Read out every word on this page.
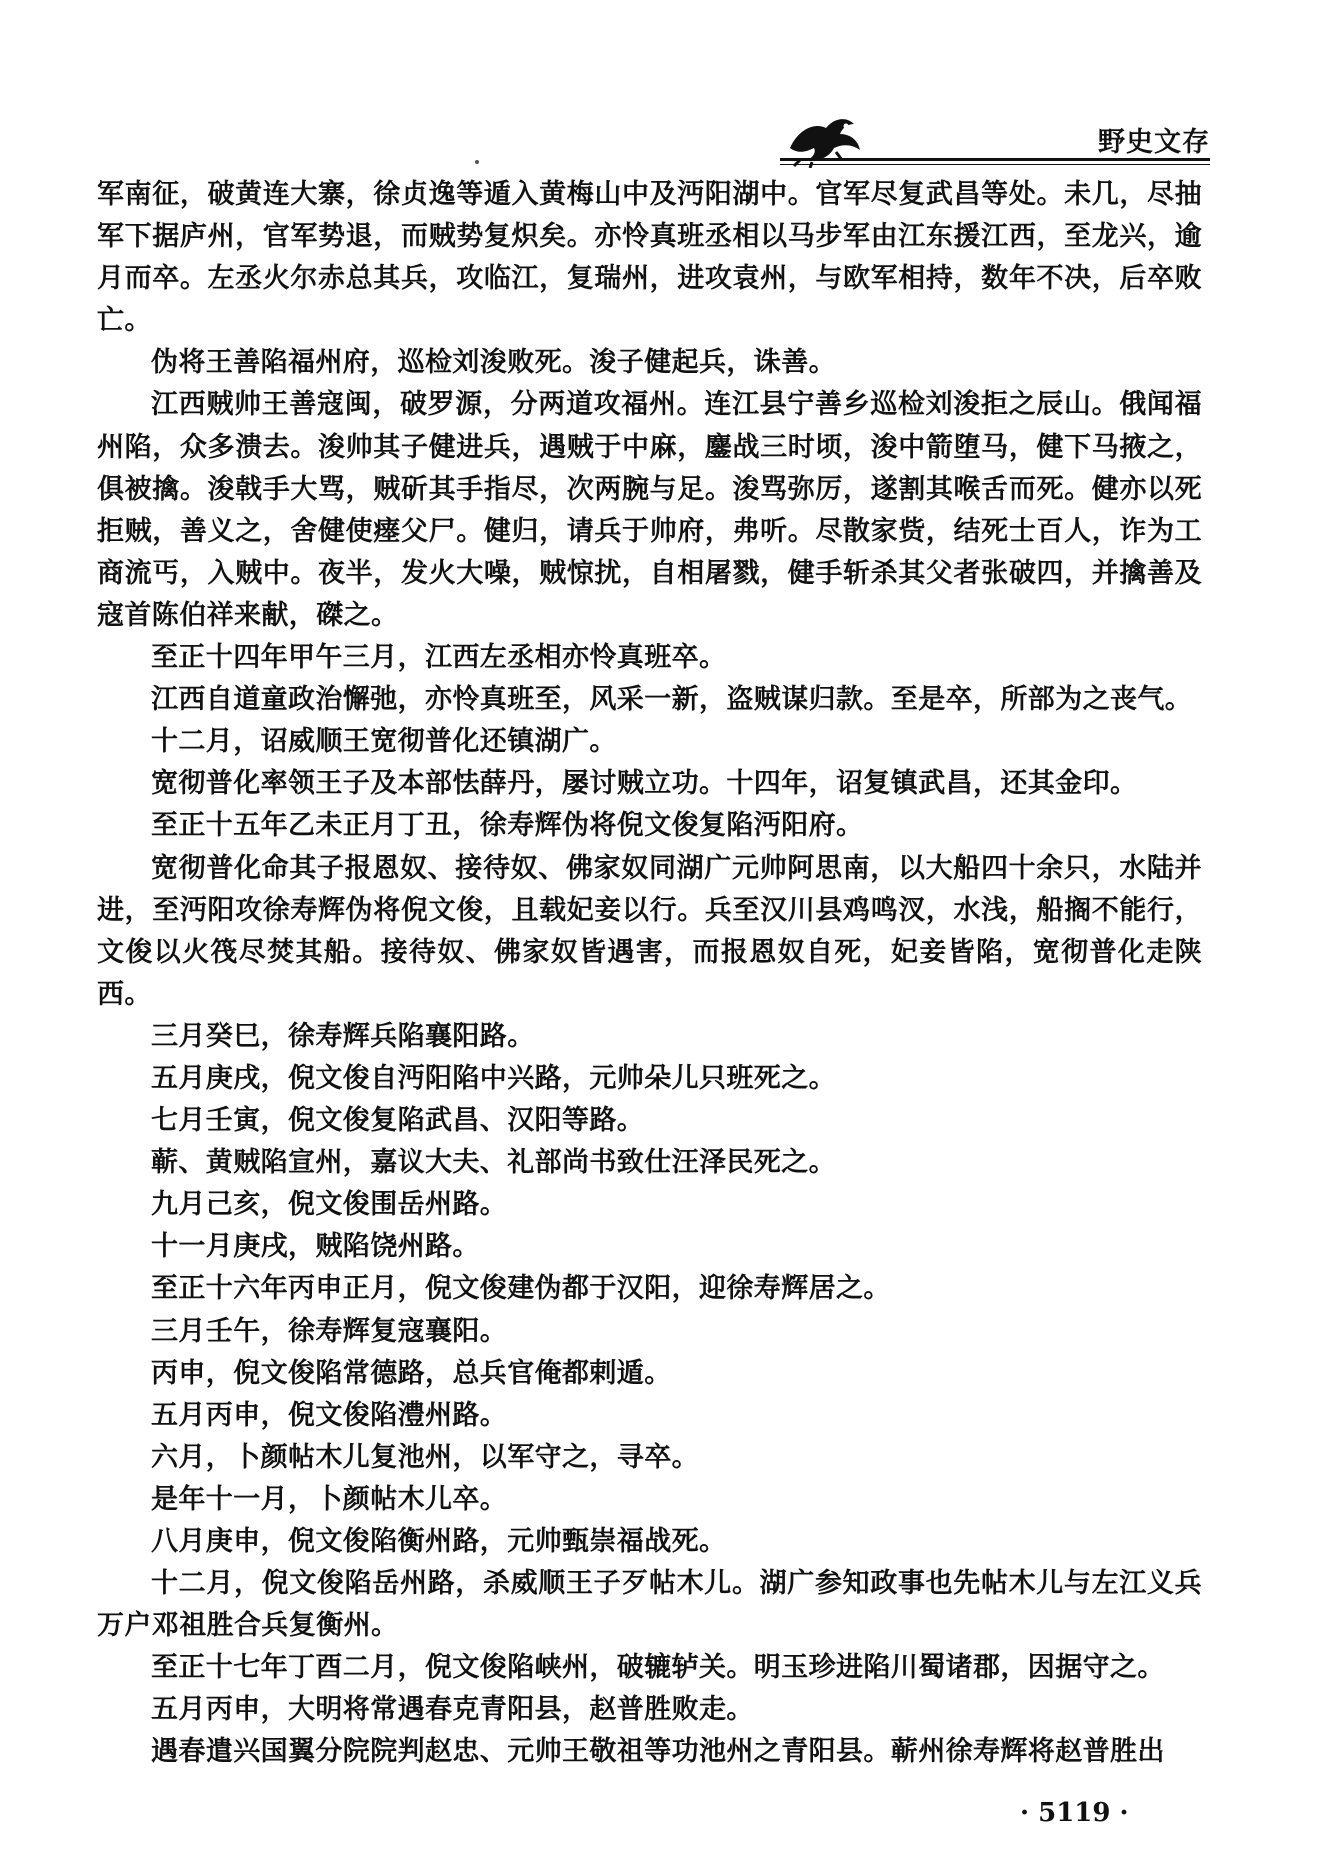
野史文存

军南征，破黄连大寨，徐贞逸等遁入黄梅山中及沔阳湖中。官军尽复武昌等处。未几，尽抽军下据庐州，官军势退，而贼势复炽矣。亦怜真班丞相以马步军由江东援江西，至龙兴，逾月而卒。左丞火尔赤总其兵，攻临江，复瑞州，进攻袁州，与欧军相持，数年不决，后卒败亡。

伪将王善陷福州府，巡检刘浚败死。浚子健起兵，诛善。

江西贼帅王善寇闽，破罗源，分两道攻福州。连江县宁善乡巡检刘浚拒之辰山。俄闻福州陷，众多溃去。浚帅其子健进兵，遇贼于中麻，鏖战三时顷，浚中箭堕马，健下马掖之，俱被擒。浚戟手大骂，贼斫其手指尽，次两腕与足。浚骂弥厉，遂割其喉舌而死。健亦以死拒贼，善义之，舍健使瘗父尸。健归，请兵于帅府，弗听。尽散家赀，结死士百人，诈为工商流丐，入贼中。夜半，发火大噪，贼惊扰，自相屠戮，健手斩杀其父者张破四，并擒善及寇首陈伯祥来献，磔之。

至正十四年甲午三月，江西左丞相亦怜真班卒。

江西自道童政治懈弛，亦怜真班至，风采一新，盗贼谋归款。至是卒，所部为之丧气。

十二月，诏威顺王宽彻普化还镇湖广。

宽彻普化率领王子及本部怯薛丹，屡讨贼立功。十四年，诏复镇武昌，还其金印。

至正十五年乙未正月丁丑，徐寿辉伪将倪文俊复陷沔阳府。

宽彻普化命其子报恩奴、接待奴、佛家奴同湖广元帅阿思南，以大船四十余只，水陆并进，至沔阳攻徐寿辉伪将倪文俊，且载妃妾以行。兵至汉川县鸡鸣汊，水浅，船搁不能行，文俊以火筏尽焚其船。接待奴、佛家奴皆遇害，而报恩奴自死，妃妾皆陷，宽彻普化走陕西。

三月癸巳，徐寿辉兵陷襄阳路。

五月庚戌，倪文俊自沔阳陷中兴路，元帅朵儿只班死之。

七月壬寅，倪文俊复陷武昌、汉阳等路。

蕲、黄贼陷宣州，嘉议大夫、礼部尚书致仕汪泽民死之。

九月己亥，倪文俊围岳州路。

十一月庚戌，贼陷饶州路。

至正十六年丙申正月，倪文俊建伪都于汉阳，迎徐寿辉居之。

三月壬午，徐寿辉复寇襄阳。

丙申，倪文俊陷常德路，总兵官俺都剌遁。

五月丙申，倪文俊陷澧州路。

六月，卜颜帖木儿复池州，以军守之，寻卒。

是年十一月，卜颜帖木儿卒。

八月庚申，倪文俊陷衡州路，元帅甄崇福战死。

十二月，倪文俊陷岳州路，杀威顺王子歹帖木儿。湖广参知政事也先帖木儿与左江义兵万户邓祖胜合兵复衡州。

至正十七年丁酉二月，倪文俊陷峡州，破辘轳关。明玉珍进陷川蜀诸郡，因据守之。

五月丙申，大明将常遇春克青阳县，赵普胜败走。

遇春遣兴国翼分院院判赵忠、元帅王敬祖等功池州之青阳县。蕲州徐寿辉将赵普胜出

· 5119 ·
